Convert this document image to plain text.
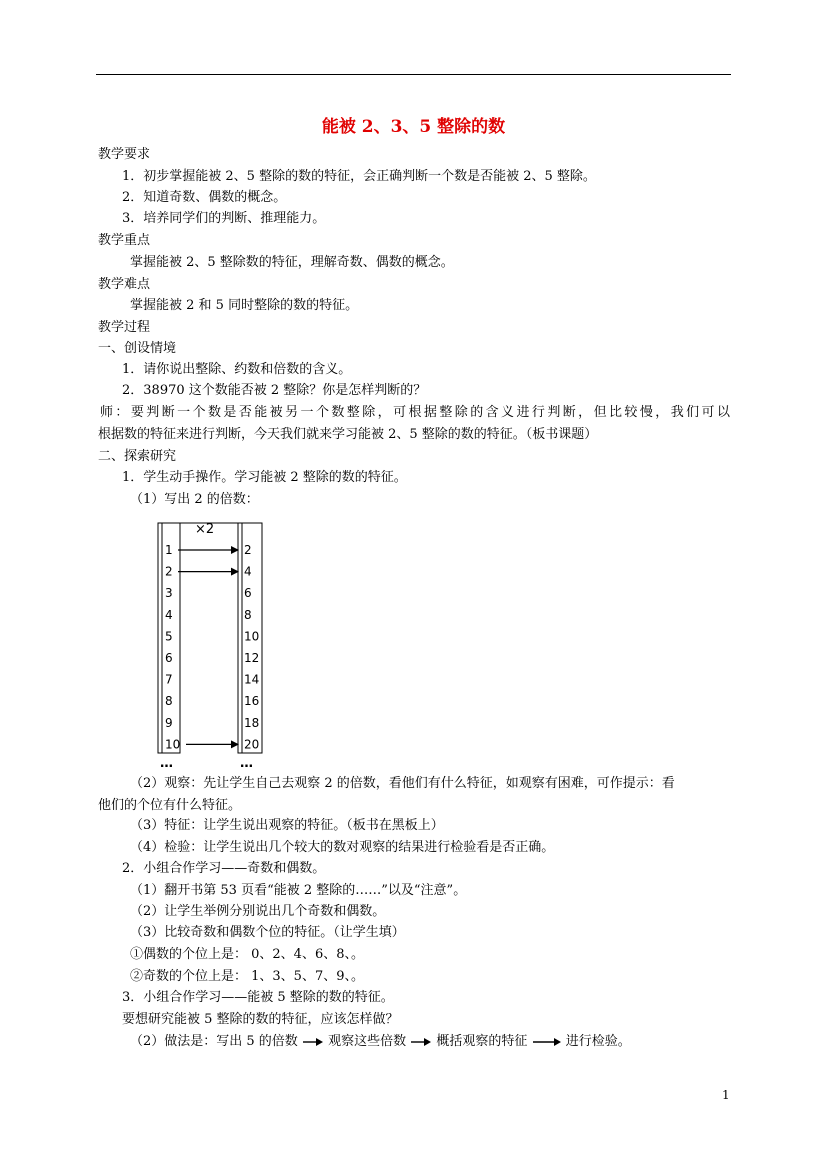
能被 2、3、5 整除的数
教学要求
1．初步掌握能被 2、5 整除的数的特征，会正确判断一个数是否能被 2、5 整除。
2．知道奇数、偶数的概念。
3．培养同学们的判断、推理能力。
教学重点
掌握能被 2、5 整除数的特征，理解奇数、偶数的概念。
教学难点
掌握能被 2 和 5 同时整除的数的特征。
教学过程
一、创设情境
1．请你说出整除、约数和倍数的含义。
2．38970 这个数能否被 2 整除？你是怎样判断的？
师：要判断一个数是否能被另一个数整除，可根据整除的含义进行判断，但比较慢，我们可以
根据数的特征来进行判断，今天我们就来学习能被 2、5 整除的数的特征。（板书课题）
二、探索研究
1．学生动手操作。学习能被 2 整除的数的特征。
（1）写出 2 的倍数：
（2）观察：先让学生自己去观察 2 的倍数，看他们有什么特征，如观察有困难，可作提示：看
他们的个位有什么特征。
（3）特征：让学生说出观察的特征。（板书在黑板上）
（4）检验：让学生说出几个较大的数对观察的结果进行检验看是否正确。
2．小组合作学习——奇数和偶数。
（1）翻开书第 53 页看“能被 2 整除的……”以及“注意”。
（2）让学生举例分别说出几个奇数和偶数。
（3）比较奇数和偶数个位的特征。（让学生填）
①偶数的个位上是： 0、2、4、6、8、。
②奇数的个位上是： 1、3、5、7、9、。
3．小组合作学习——能被 5 整除的数的特征。
要想研究能被 5 整除的数的特征，应该怎样做？
×2
1
2
3
4
5
6
7
8
9
10
2
4
6
8
10
12
14
16
18
20
…	…
（2）做法是：写出 5 的倍数 观察这些倍数 概括观察的特征	进行检验。
1
